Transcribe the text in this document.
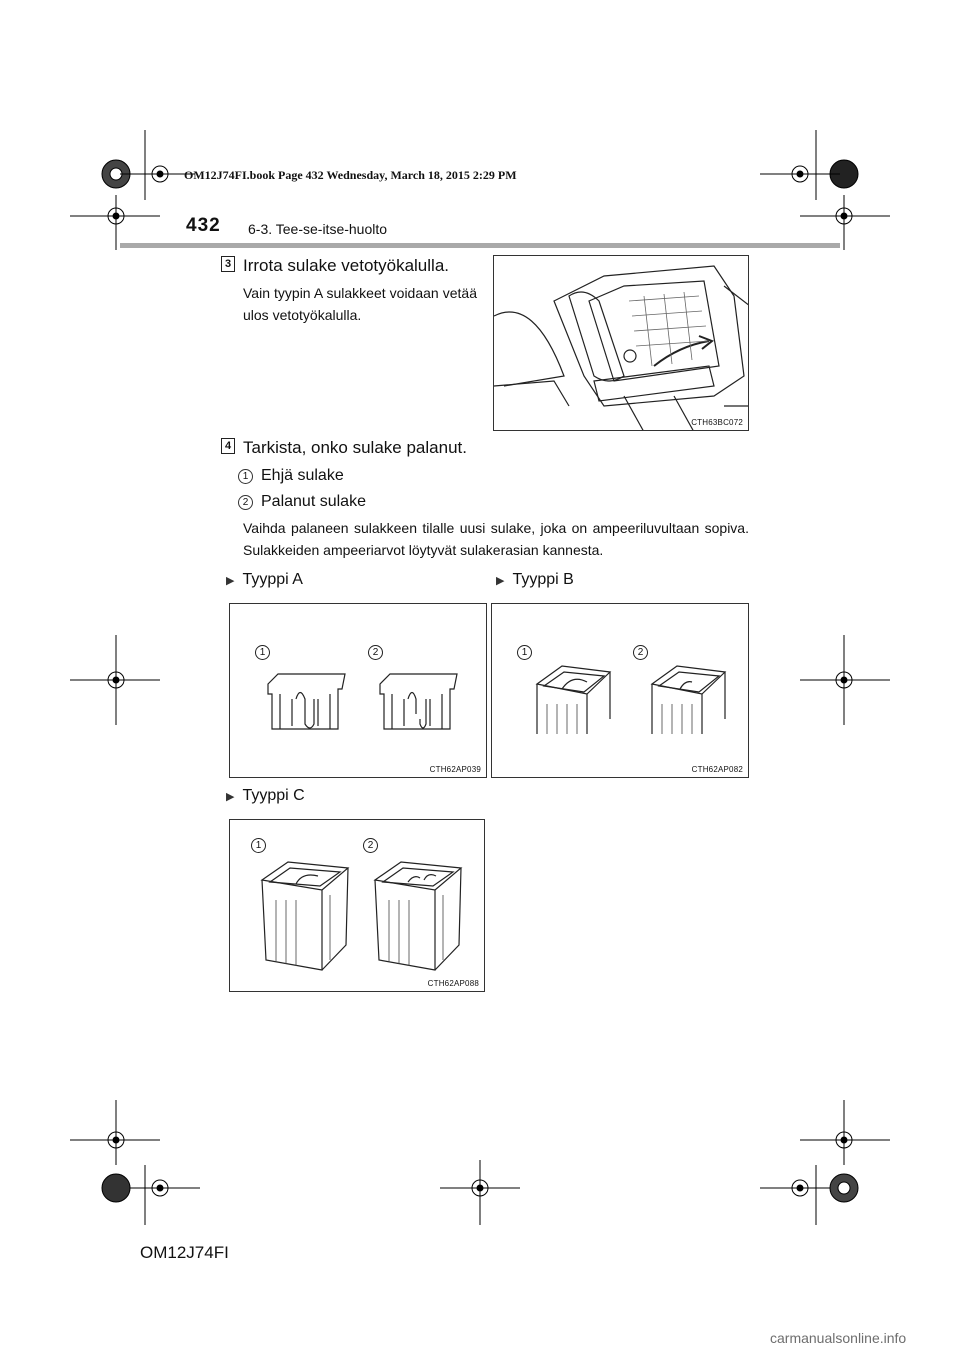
OM12J74FI.book Page 432 Wednesday, March 18, 2015 2:29 PM
432 6-3. Tee-se-itse-huolto
3 Irrota sulake vetotyökalulla.
Vain tyypin A sulakkeet voidaan vetää ulos vetotyökalulla.
CTH63BC072
4 Tarkista, onko sulake palanut.
1 Ehjä sulake
2 Palanut sulake
Vaihda palaneen sulakkeen tilalle uusi sulake, joka on ampeeriluvultaan sopiva. Sulakkeiden ampeeriarvot löytyvät sulakerasian kannesta.
▶ Tyyppi A
1	2
CTH62AP039
▶ Tyyppi B
1	2
CTH62AP082
▶ Tyyppi C
1	2
CTH62AP088
OM12J74FI
carmanualsonline.info
